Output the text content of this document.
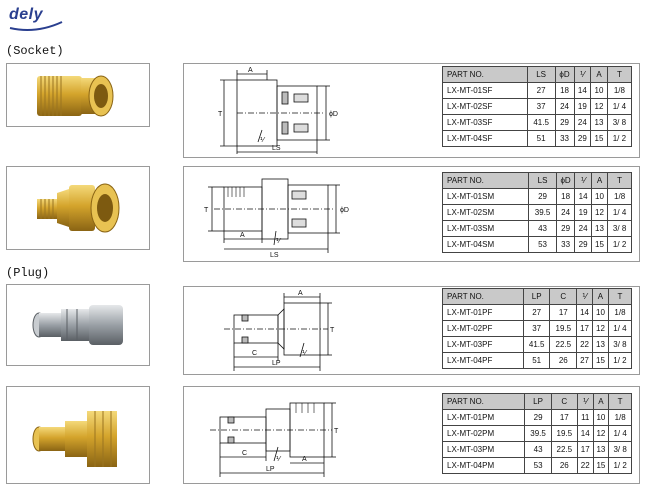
dely
(Socket)
(Plug)
A
T	ϕD
LS
⅟
PART NO.	LS	ϕD	⅟	A	T
LX-MT-01SF	27	18	14	10	1/8
LX-MT-02SF	37	24	19	12	1/ 4
LX-MT-03SF	41.5	29	24	13	3/ 8
LX-MT-04SF	51	33	29	15	1/ 2
A
T	ϕD
LS
⅟
PART NO.	LS	ϕD	⅟	A	T
LX-MT-01SM	29	18	14	10	1/8
LX-MT-02SM	39.5	24	19	12	1/ 4
LX-MT-03SM	43	29	24	13	3/ 8
LX-MT-04SM	53	33	29	15	1/ 2
A
T
C
LP
⅟
PART NO.	LP	C	⅟	A	T
LX-MT-01PF	27	17	14	10	1/8
LX-MT-02PF	37	19.5	17	12	1/ 4
LX-MT-03PF	41.5	22.5	22	13	3/ 8
LX-MT-04PF	51	26	27	15	1/ 2
A
T
C
LP
⅟
PART NO.	LP	C	⅟	A	T
LX-MT-01PM	29	17	11	10	1/8
LX-MT-02PM	39.5	19.5	14	12	1/ 4
LX-MT-03PM	43	22.5	17	13	3/ 8
LX-MT-04PM	53	26	22	15	1/ 2
